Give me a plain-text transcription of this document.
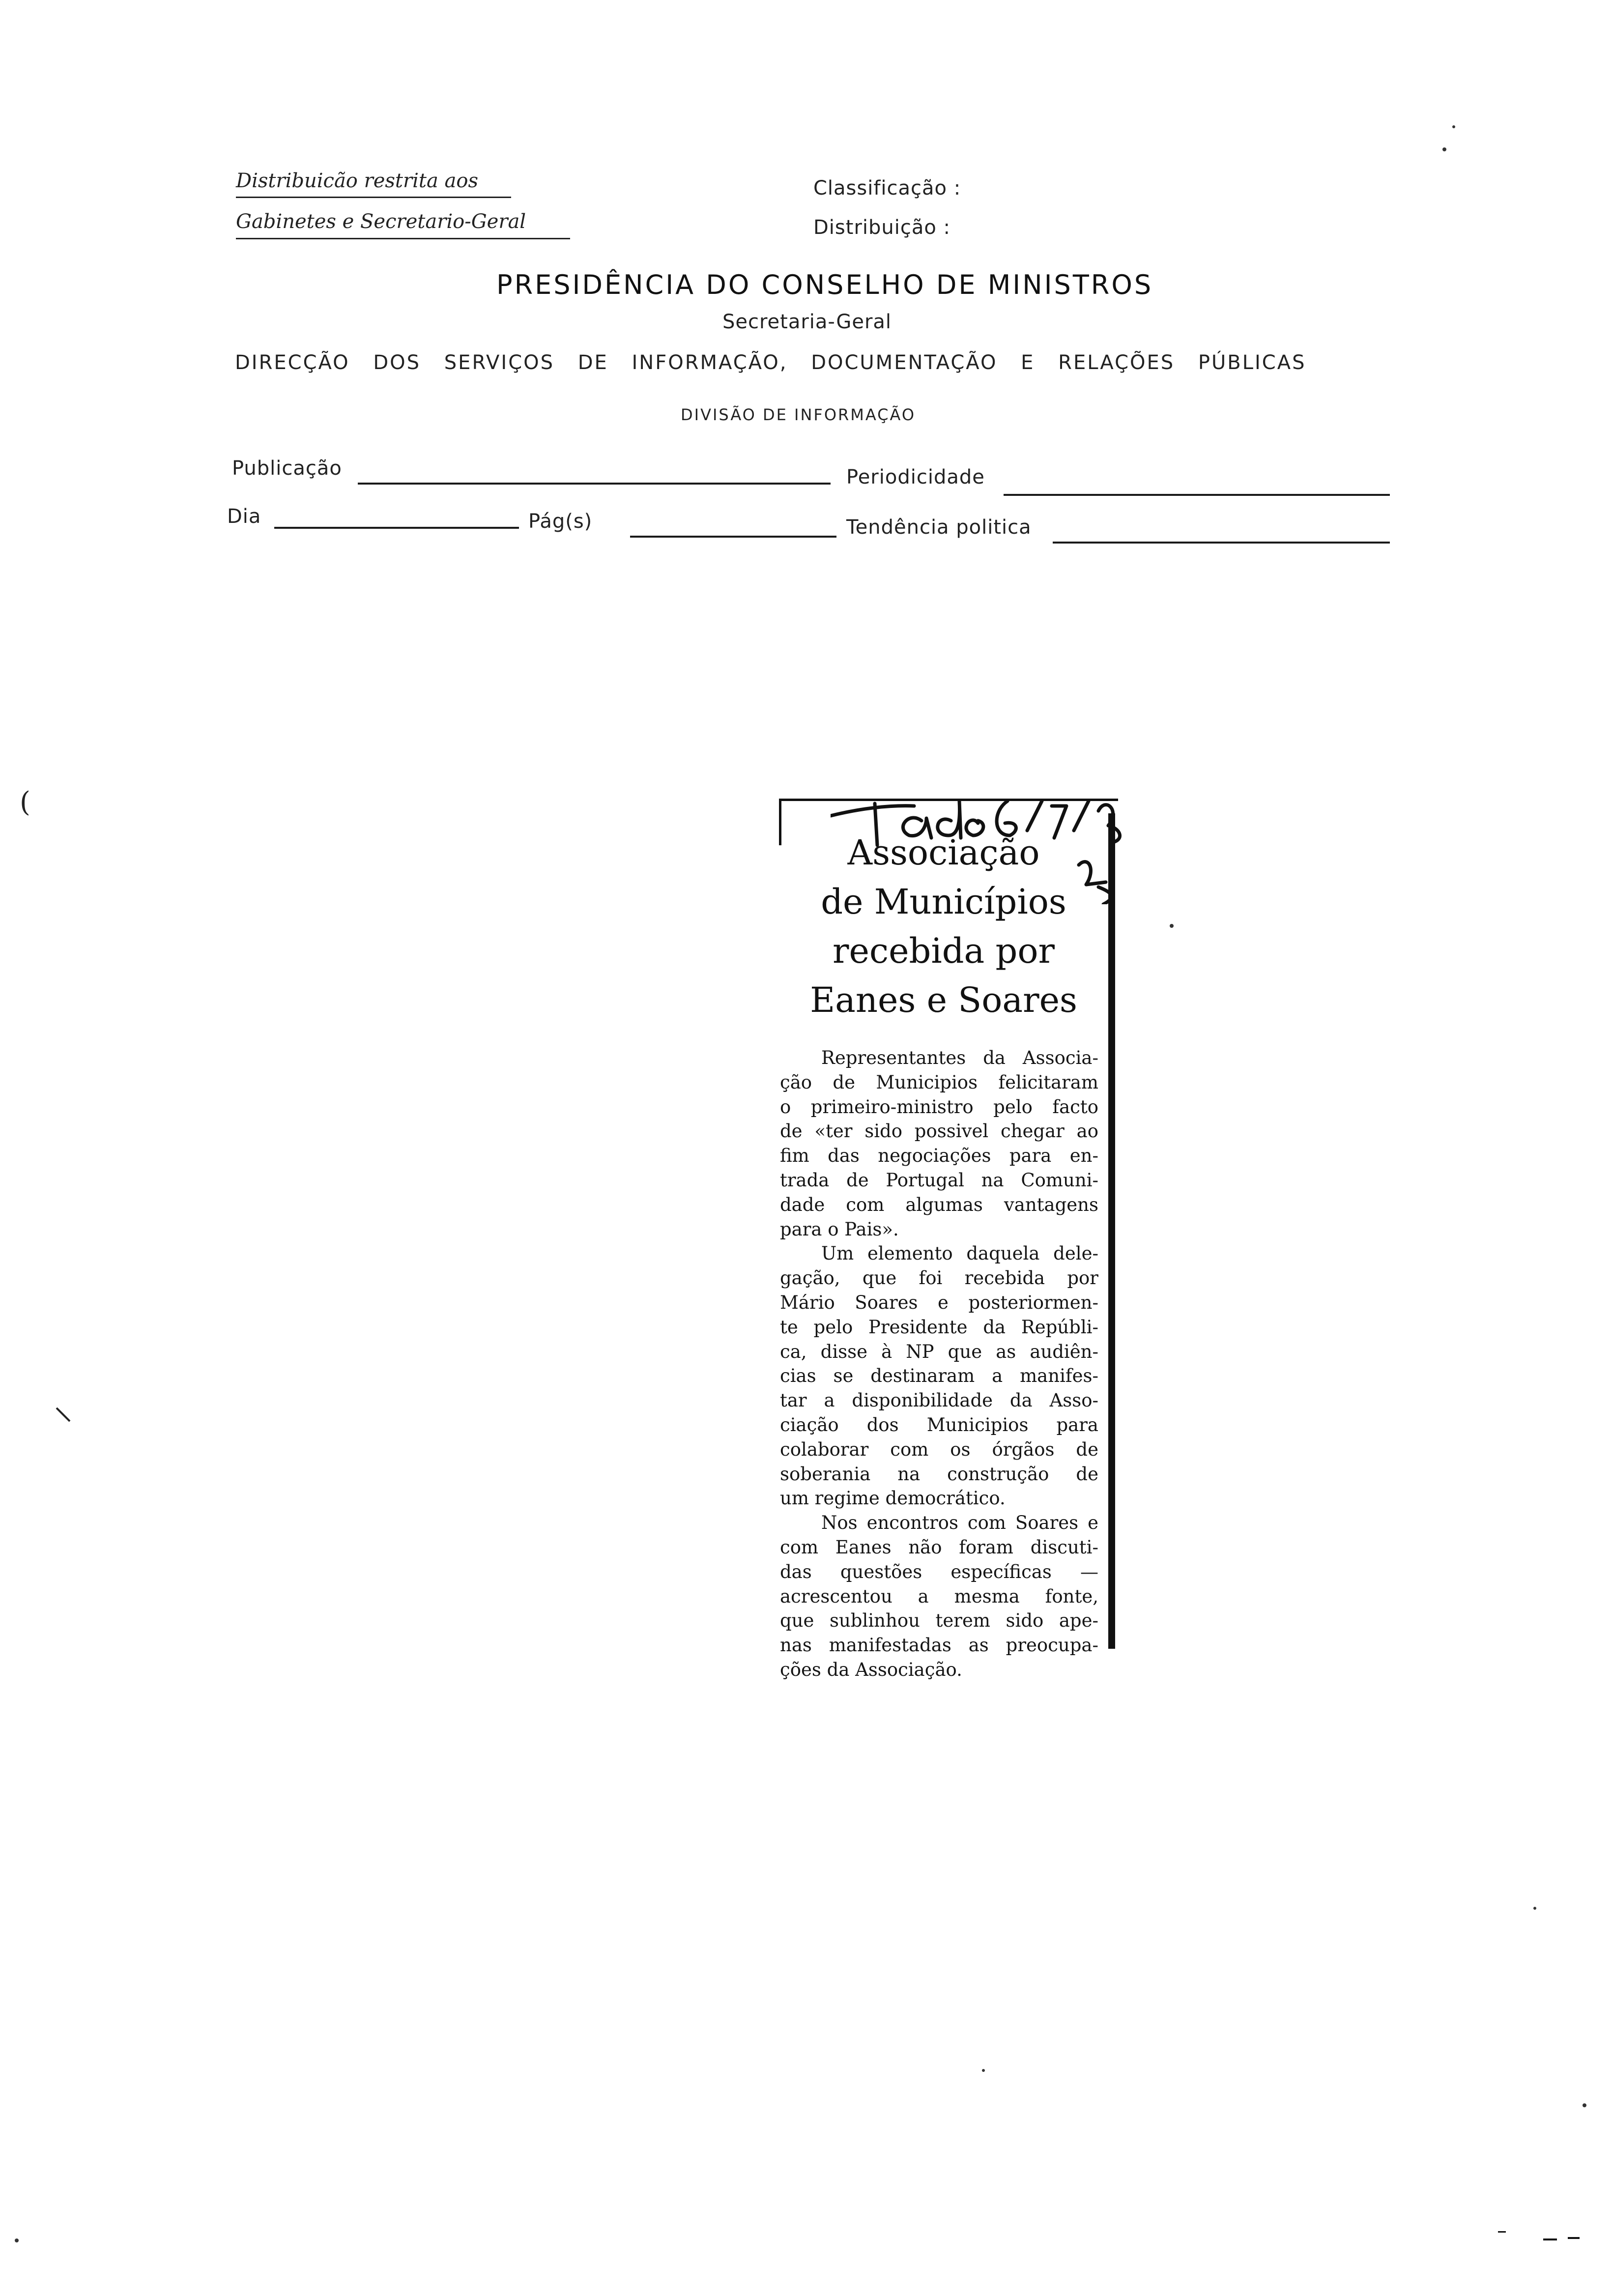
Distribuicão restrita aos
Gabinetes e Secretario-Geral
Classificação :
Distribuição :
PRESIDÊNCIA DO CONSELHO DE MINISTROS
Secretaria-Geral
DIRECÇÃO DOS SERVIÇOS DE INFORMAÇÃO, DOCUMENTAÇÃO E RELAÇÕES PÚBLICAS
DIVISÃO DE INFORMAÇÃO
Publicação	Periodicidade
Dia	Pág(s)	Tendência politica
Associação
de Municípios
recebida por
Eanes e Soares
Representantes da Associa-
ção de Municipios felicitaram
o primeiro-ministro pelo facto
de «ter sido possivel chegar ao
fim das negociações para en-
trada de Portugal na Comuni-
dade com algumas vantagens
para o Pais».
Um elemento daquela dele-
gação, que foi recebida por
Mário Soares e posteriormen-
te pelo Presidente da Repúbli-
ca, disse à NP que as audiên-
cias se destinaram a manifes-
tar a disponibilidade da Asso-
ciação dos Municipios para
colaborar com os órgãos de
soberania na construção de
um regime democrático.
Nos encontros com Soares e
com Eanes não foram discuti-
das questões específicas —
acrescentou a mesma fonte,
que sublinhou terem sido ape-
nas manifestadas as preocupa-
ções da Associação.
(
